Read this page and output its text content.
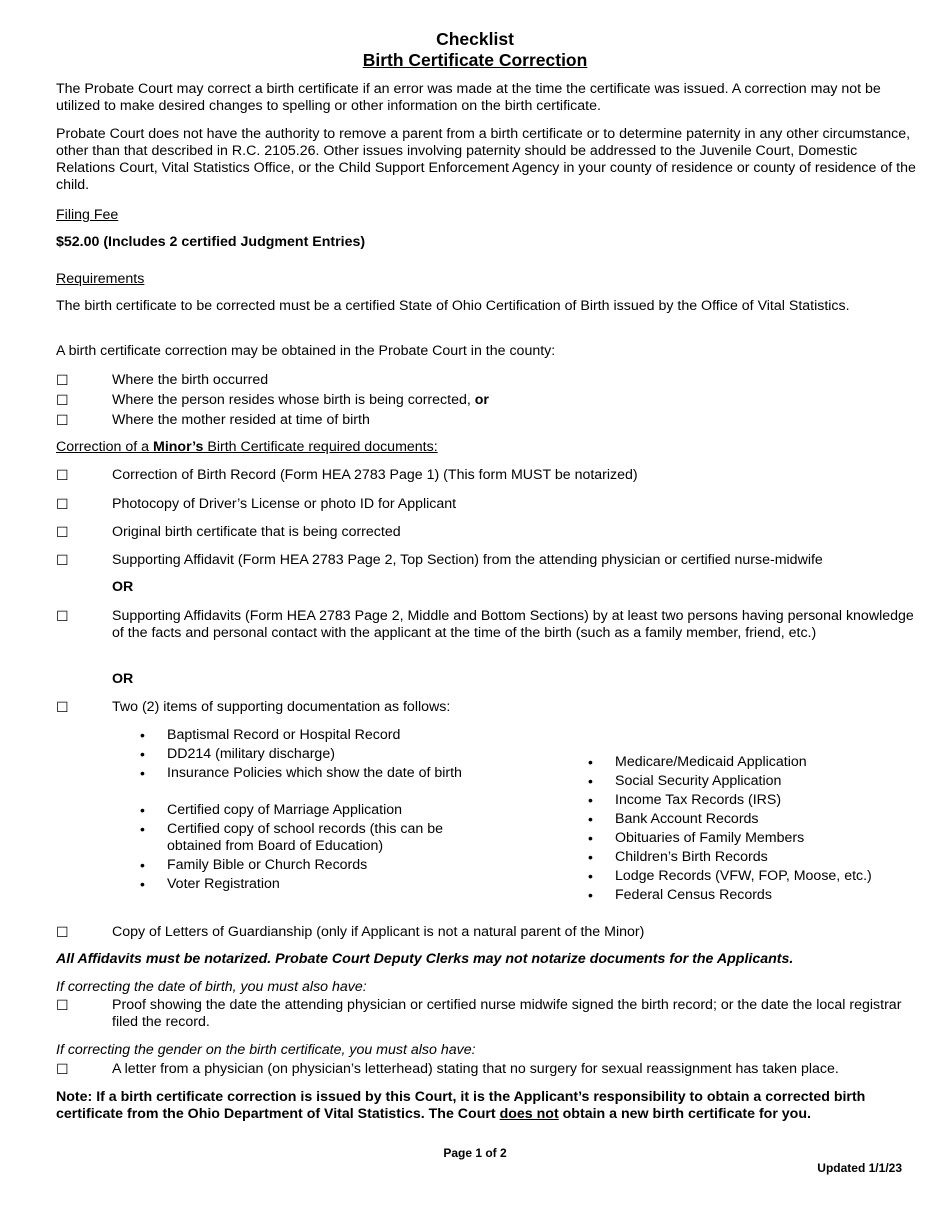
Checklist
Birth Certificate Correction
The Probate Court may correct a birth certificate if an error was made at the time the certificate was issued. A correction may not be utilized to make desired changes to spelling or other information on the birth certificate.
Probate Court does not have the authority to remove a parent from a birth certificate or to determine paternity in any other circumstance, other than that described in R.C. 2105.26. Other issues involving paternity should be addressed to the Juvenile Court, Domestic Relations Court, Vital Statistics Office, or the Child Support Enforcement Agency in your county of residence or county of residence of the child.
Filing Fee
$52.00 (Includes 2 certified Judgment Entries)
Requirements
The birth certificate to be corrected must be a certified State of Ohio Certification of Birth issued by the Office of Vital Statistics.
A birth certificate correction may be obtained in the Probate Court in the county:
☐	Where the birth occurred
☐	Where the person resides whose birth is being corrected, or
☐	Where the mother resided at time of birth
Correction of a Minor’s Birth Certificate required documents:
☐	Correction of Birth Record (Form HEA 2783 Page 1) (This form MUST be notarized)
☐	Photocopy of Driver’s License or photo ID for Applicant
☐	Original birth certificate that is being corrected
☐	Supporting Affidavit (Form HEA 2783 Page 2, Top Section) from the attending physician or certified nurse-midwife
OR
☐	Supporting Affidavits (Form HEA 2783 Page 2, Middle and Bottom Sections) by at least two persons having personal knowledge of the facts and personal contact with the applicant at the time of the birth (such as a family member, friend, etc.)
OR
☐	Two (2) items of supporting documentation as follows:
• Baptismal Record or Hospital Record
• DD214 (military discharge)
• Insurance Policies which show the date of birth
• Certified copy of Marriage Application
• Certified copy of school records (this can be obtained from Board of Education)
• Family Bible or Church Records
• Voter Registration
• Medicare/Medicaid Application
• Social Security Application
• Income Tax Records (IRS)
• Bank Account Records
• Obituaries of Family Members
• Children’s Birth Records
• Lodge Records (VFW, FOP, Moose, etc.)
• Federal Census Records
☐	Copy of Letters of Guardianship (only if Applicant is not a natural parent of the Minor)
All Affidavits must be notarized. Probate Court Deputy Clerks may not notarize documents for the Applicants.
If correcting the date of birth, you must also have:
☐	Proof showing the date the attending physician or certified nurse midwife signed the birth record; or the date the local registrar filed the record.
If correcting the gender on the birth certificate, you must also have:
☐	A letter from a physician (on physician’s letterhead) stating that no surgery for sexual reassignment has taken place.
Note: If a birth certificate correction is issued by this Court, it is the Applicant’s responsibility to obtain a corrected birth certificate from the Ohio Department of Vital Statistics. The Court does not obtain a new birth certificate for you.
Page 1 of 2
Updated 1/1/23
